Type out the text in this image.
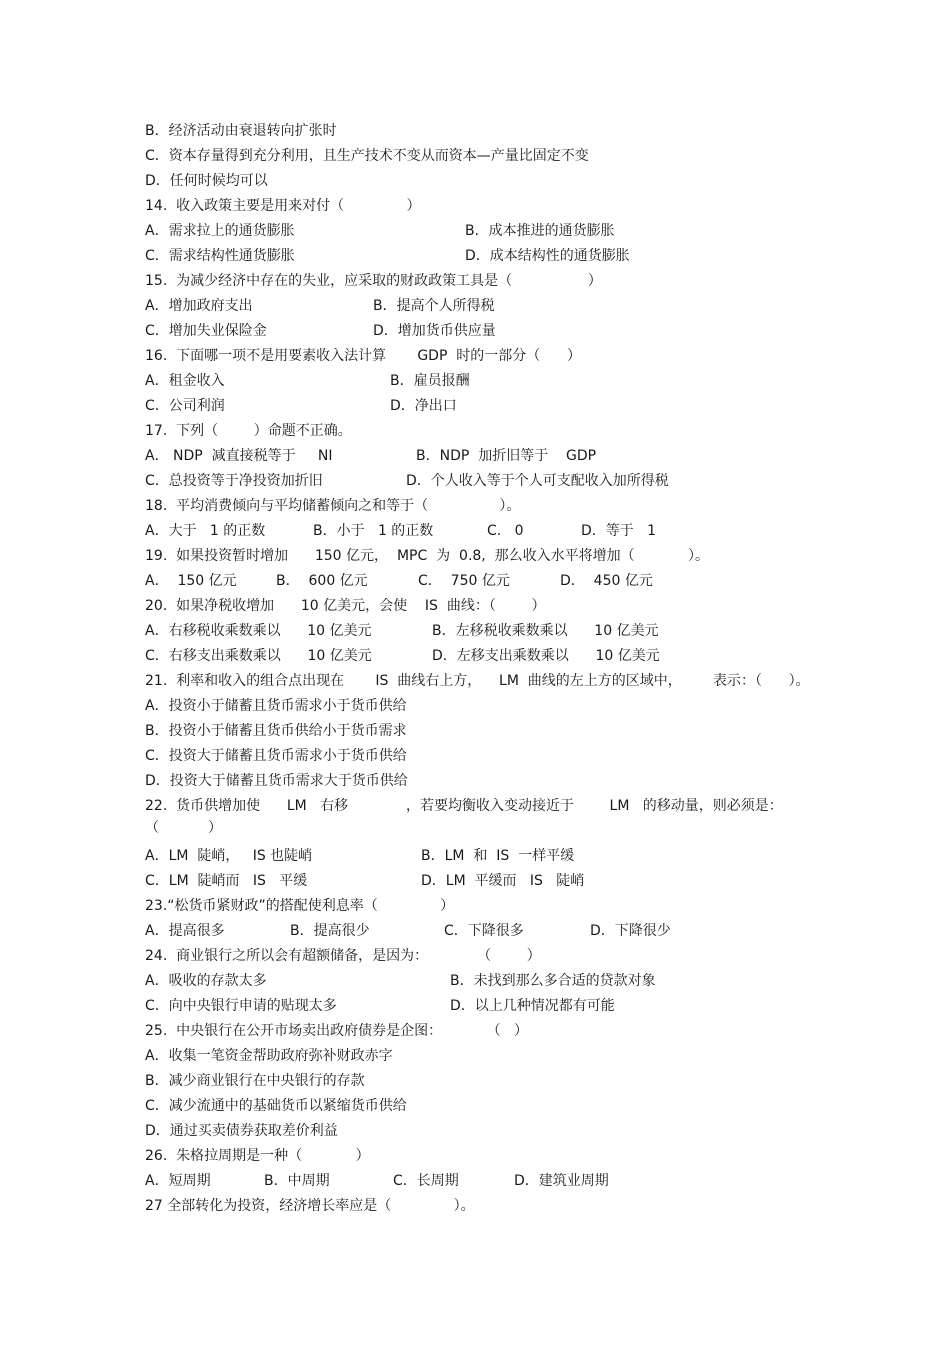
B．经济活动由衰退转向扩张时
C．资本存量得到充分利用，且生产技术不变从而资本—产量比固定不变
D．任何时候均可以
14.  收入政策主要是用来对付（              ）
A．需求拉上的通货膨胀	B．成本推进的通货膨胀
C．需求结构性通货膨胀	D．成本结构性的通货膨胀
15.  为减少经济中存在的失业，应采取的财政政策工具是（                 ）
A．增加政府支出	B．提高个人所得税
C．增加失业保险金	D．增加货币供应量
16.  下面哪一项不是用要素收入法计算       GDP  时的一部分（      ）
A．租金收入	B．雇员报酬
C．公司利润	D．净出口
17.  下列（        ）命题不正确。
A． NDP  减直接税等于     NI	B．NDP  加折旧等于    GDP
C．总投资等于净投资加折旧	D．个人收入等于个人可支配收入加所得税
18.  平均消费倾向与平均储蓄倾向之和等于（                ）。
A．大于   1 的正数	B．小于   1 的正数	C.   0	D．等于   1
19.  如果投资暂时增加      150 亿元，  MPC  为  0.8,  那么收入水平将增加（            ）。
A．  150 亿元	B．  600 亿元	C．  750 亿元	D．  450 亿元
20.  如果净税收增加      10 亿美元，会使    IS  曲线：（        ）
A．右移税收乘数乘以      10 亿美元	B．左移税收乘数乘以      10 亿美元
C．右移支出乘数乘以      10 亿美元	D．左移支出乘数乘以      10 亿美元
21.  利率和收入的组合点出现在       IS  曲线右上方，    LM  曲线的左上方的区域中，       表示：（      ）。
A．投资小于储蓄且货币需求小于货币供给
B．投资小于储蓄且货币供给小于货币需求
C．投资大于储蓄且货币需求小于货币供给
D．投资大于储蓄且货币需求大于货币供给
22.  货币供增加使      LM   右移             ，若要均衡收入变动接近于        LM   的移动量，则必须是：
（           ）
A．LM  陡峭，   IS 也陡峭	B．LM  和  IS  一样平缓
C．LM  陡峭而   IS   平缓	D．LM  平缓而   IS   陡峭
23.“松货币紧财政”的搭配使利息率（              ）
A．提高很多	B．提高很少	C．下降很多	D．下降很少
24.  商业银行之所以会有超额储备，是因为：           （        ）
A．吸收的存款太多	B．未找到那么多合适的贷款对象
C．向中央银行申请的贴现太多	D．以上几种情况都有可能
25.  中央银行在公开市场卖出政府债券是企图：          （   ）
A．收集一笔资金帮助政府弥补财政赤字
B．减少商业银行在中央银行的存款
C．减少流通中的基础货币以紧缩货币供给
D．通过买卖债券获取差价利益
26.  朱格拉周期是一种（            ）
A．短周期	B．中周期	C．长周期	D．建筑业周期
27 全部转化为投资，经济增长率应是（              ）。
